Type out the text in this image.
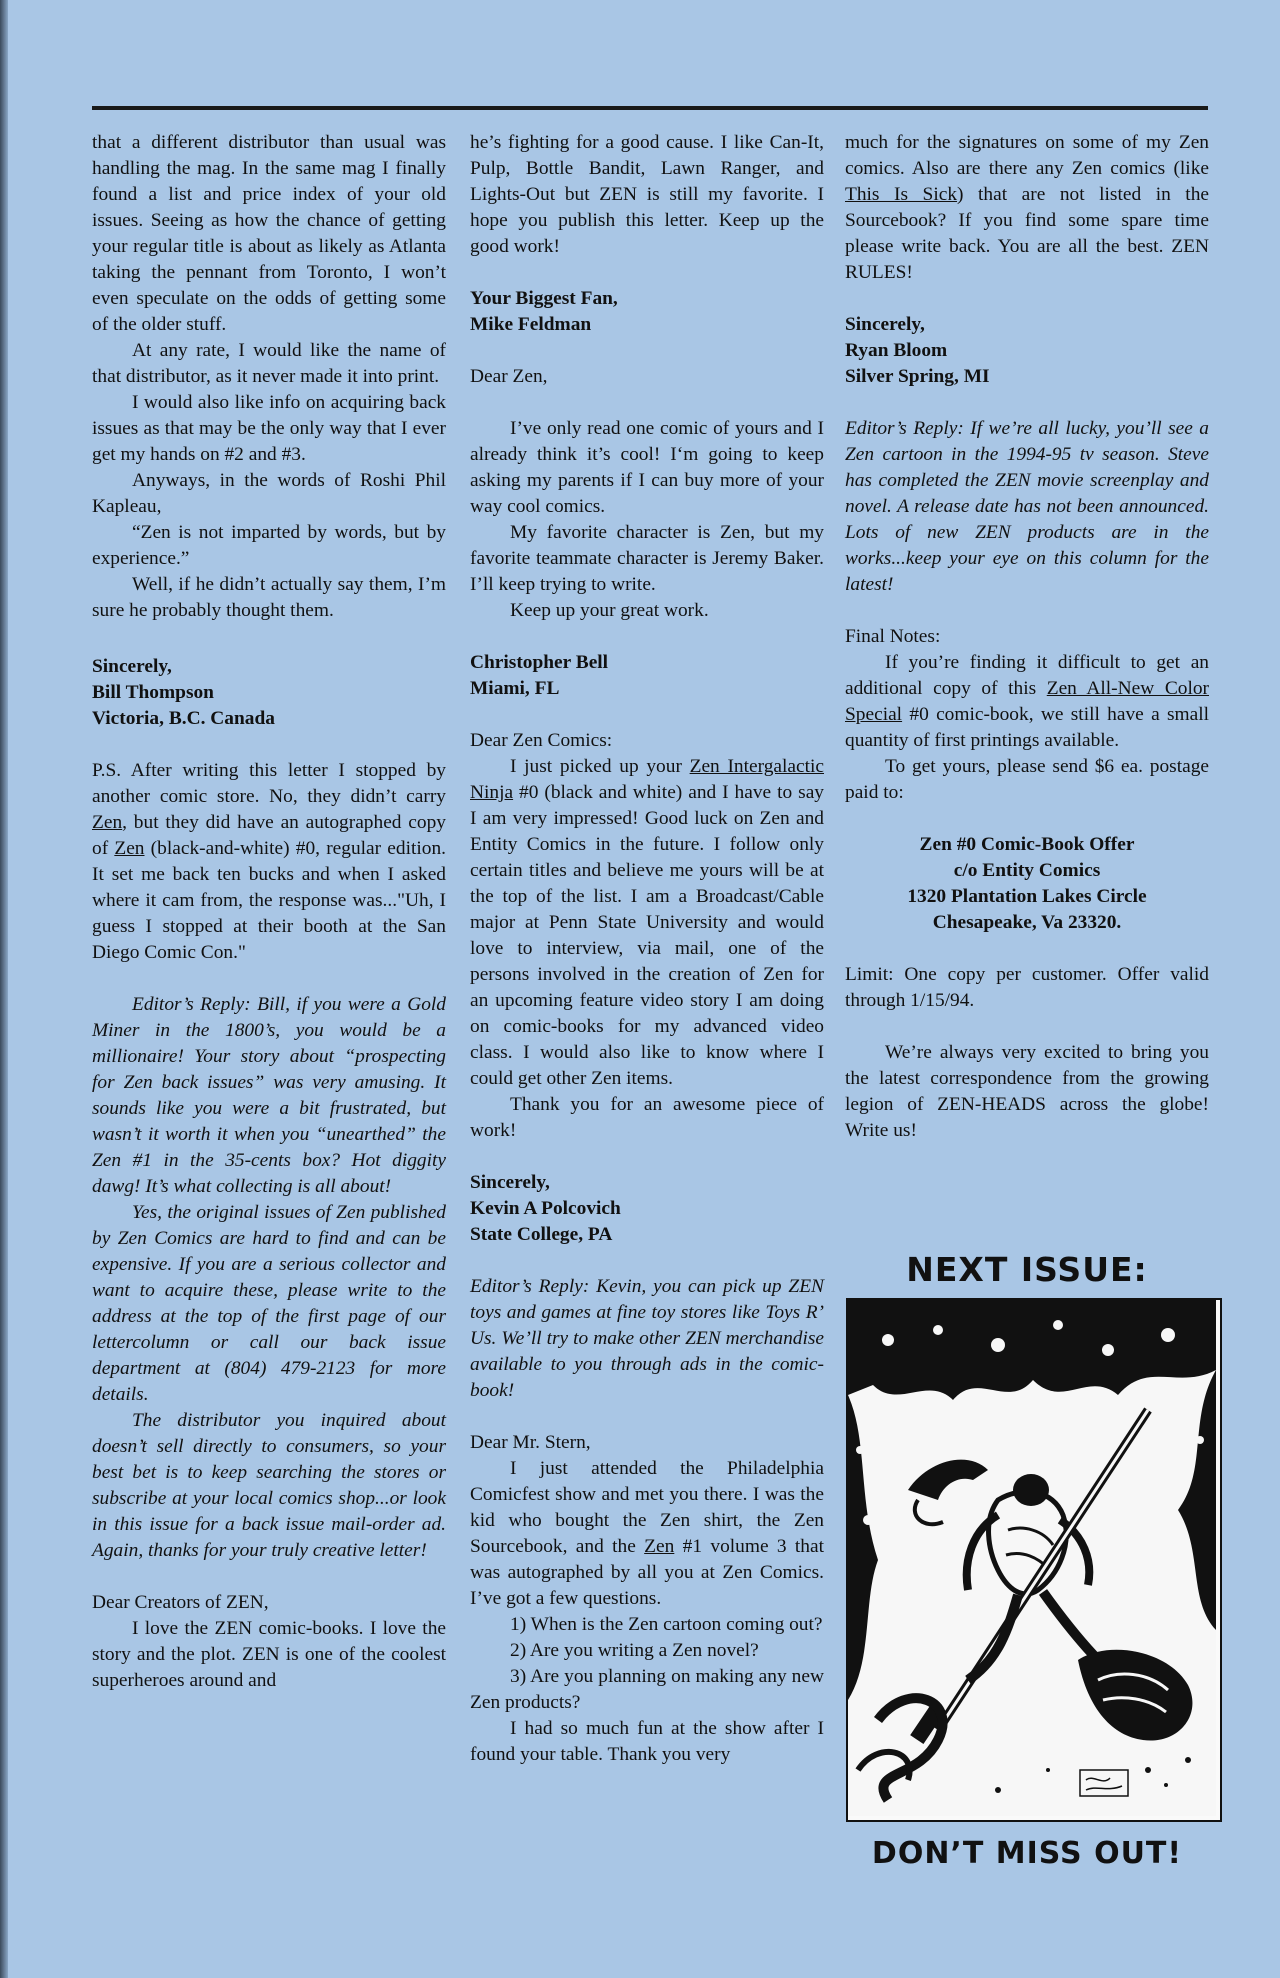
that a different distributor than usual was handling the mag. In the same mag I finally found a list and price index of your old issues. Seeing as how the chance of getting your regular title is about as likely as Atlanta taking the pennant from Toronto, I won’t even speculate on the odds of getting some of the older stuff.

At any rate, I would like the name of that distributor, as it never made it into print.

I would also like info on acquiring back issues as that may be the only way that I ever get my hands on #2 and #3.

Anyways, in the words of Roshi Phil Kapleau,

“Zen is not imparted by words, but by experience.”

Well, if he didn’t actually say them, I’m sure he probably thought them.

Sincerely,

Bill Thompson

Victoria, B.C. Canada

P.S. After writing this letter I stopped by another comic store. No, they didn’t carry Zen, but they did have an autographed copy of Zen (black-and-white) #0, regular edition. It set me back ten bucks and when I asked where it cam from, the response was..."Uh, I guess I stopped at their booth at the San Diego Comic Con."

Editor’s Reply: Bill, if you were a Gold Miner in the 1800’s, you would be a millionaire! Your story about “prospecting for Zen back issues” was very amusing. It sounds like you were a bit frustrated, but wasn’t it worth it when you “unearthed” the Zen #1 in the 35-cents box? Hot diggity dawg! It’s what collecting is all about!

Yes, the original issues of Zen published by Zen Comics are hard to find and can be expensive. If you are a serious collector and want to acquire these, please write to the address at the top of the first page of our lettercolumn or call our back issue department at (804) 479-2123 for more details.

The distributor you inquired about doesn’t sell directly to consumers, so your best bet is to keep searching the stores or subscribe at your local comics shop...or look in this issue for a back issue mail-order ad. Again, thanks for your truly creative letter!

Dear Creators of ZEN,

I love the ZEN comic-books. I love the story and the plot. ZEN is one of the coolest superheroes around and

he’s fighting for a good cause. I like Can-It, Pulp, Bottle Bandit, Lawn Ranger, and Lights-Out but ZEN is still my favorite. I hope you publish this letter. Keep up the good work!

Your Biggest Fan,

Mike Feldman

Dear Zen,

I’ve only read one comic of yours and I already think it’s cool! I‘m going to keep asking my parents if I can buy more of your way cool comics.

My favorite character is Zen, but my favorite teammate character is Jeremy Baker. I’ll keep trying to write.

Keep up your great work.

Christopher Bell

Miami, FL

Dear Zen Comics:

I just picked up your Zen Intergalactic Ninja #0 (black and white) and I have to say I am very impressed! Good luck on Zen and Entity Comics in the future. I follow only certain titles and believe me yours will be at the top of the list. I am a Broadcast/Cable major at Penn State University and would love to interview, via mail, one of the persons involved in the creation of Zen for an upcoming feature video story I am doing on comic-books for my advanced video class. I would also like to know where I could get other Zen items.

Thank you for an awesome piece of work!

Sincerely,

Kevin A Polcovich

State College, PA

Editor’s Reply: Kevin, you can pick up ZEN toys and games at fine toy stores like Toys R’ Us. We’ll try to make other ZEN merchandise available to you through ads in the comic-book!

Dear Mr. Stern,

I just attended the Philadelphia Comicfest show and met you there. I was the kid who bought the Zen shirt, the Zen Sourcebook, and the Zen #1 volume 3 that was autographed by all you at Zen Comics. I’ve got a few questions.

1) When is the Zen cartoon coming out?

2) Are you writing a Zen novel?

3) Are you planning on making any new Zen products?

I had so much fun at the show after I found your table. Thank you very

much for the signatures on some of my Zen comics. Also are there any Zen comics (like This Is Sick) that are not listed in the Sourcebook? If you find some spare time please write back. You are all the best. ZEN RULES!

Sincerely,

Ryan Bloom

Silver Spring, MI

Editor’s Reply: If we’re all lucky, you’ll see a Zen cartoon in the 1994-95 tv season. Steve has completed the ZEN movie screenplay and novel. A release date has not been announced. Lots of new ZEN products are in the works...keep your eye on this column for the latest!

Final Notes:

If you’re finding it difficult to get an additional copy of this Zen All-New Color Special #0 comic-book, we still have a small quantity of first printings available.

To get yours, please send $6 ea. postage paid to:

Zen #0 Comic-Book Offer

c/o Entity Comics

1320 Plantation Lakes Circle

Chesapeake, Va 23320.

Limit: One copy per customer. Offer valid through 1/15/94.

We’re always very excited to bring you the latest correspondence from the growing legion of ZEN-HEADS across the globe! Write us!

NEXT ISSUE:
DON’T MISS OUT!
